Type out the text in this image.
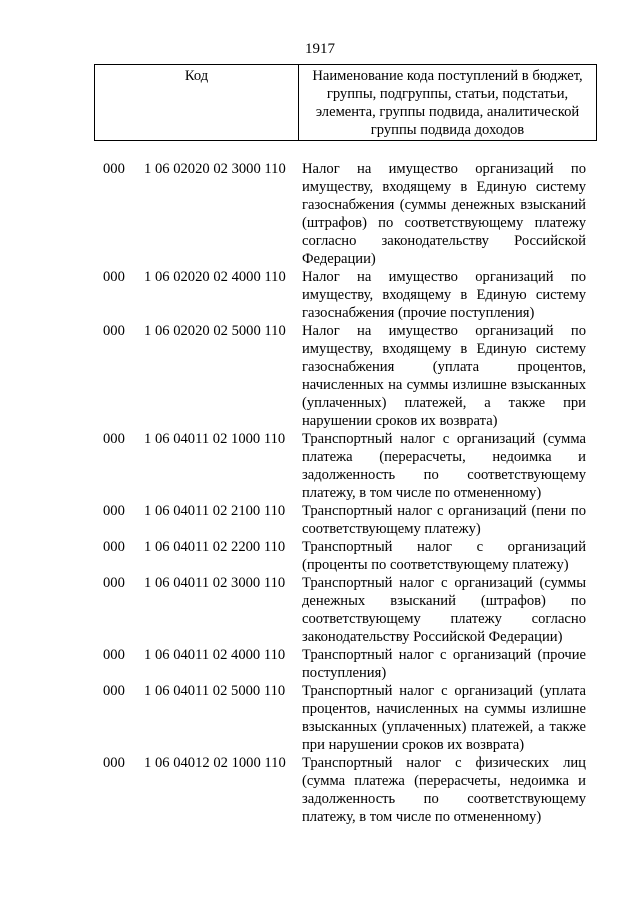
1917
Код	Наименование кода поступлений в бюджет, группы, подгруппы, статьи, подстатьи, элемента, группы подвида, аналитической группы подвида доходов
000 1 06 02020 02 3000 110 Налог на имущество организаций по
имуществу, входящему в Единую систему
газоснабжения (суммы денежных взысканий
(штрафов) по соответствующему платежу
согласно законодательству Российской
Федерации)
000 1 06 02020 02 4000 110 Налог на имущество организаций по
имуществу, входящему в Единую систему
газоснабжения (прочие поступления)
000 1 06 02020 02 5000 110 Налог на имущество организаций по
имуществу, входящему в Единую систему
газоснабжения (уплата процентов,
начисленных на суммы излишне взысканных
(уплаченных) платежей, а также при
нарушении сроков их возврата)
000 1 06 04011 02 1000 110 Транспортный налог с организаций (сумма
платежа (перерасчеты, недоимка и
задолженность по соответствующему
платежу, в том числе по отмененному)
000 1 06 04011 02 2100 110 Транспортный налог с организаций (пени по
соответствующему платежу)
000 1 06 04011 02 2200 110 Транспортный налог с организаций
(проценты по соответствующему платежу)
000 1 06 04011 02 3000 110 Транспортный налог с организаций (суммы
денежных взысканий (штрафов) по
соответствующему платежу согласно
законодательству Российской Федерации)
000 1 06 04011 02 4000 110 Транспортный налог с организаций (прочие
поступления)
000 1 06 04011 02 5000 110 Транспортный налог с организаций (уплата
процентов, начисленных на суммы излишне
взысканных (уплаченных) платежей, а также
при нарушении сроков их возврата)
000 1 06 04012 02 1000 110 Транспортный налог с физических лиц
(сумма платежа (перерасчеты, недоимка и
задолженность по соответствующему
платежу, в том числе по отмененному)
